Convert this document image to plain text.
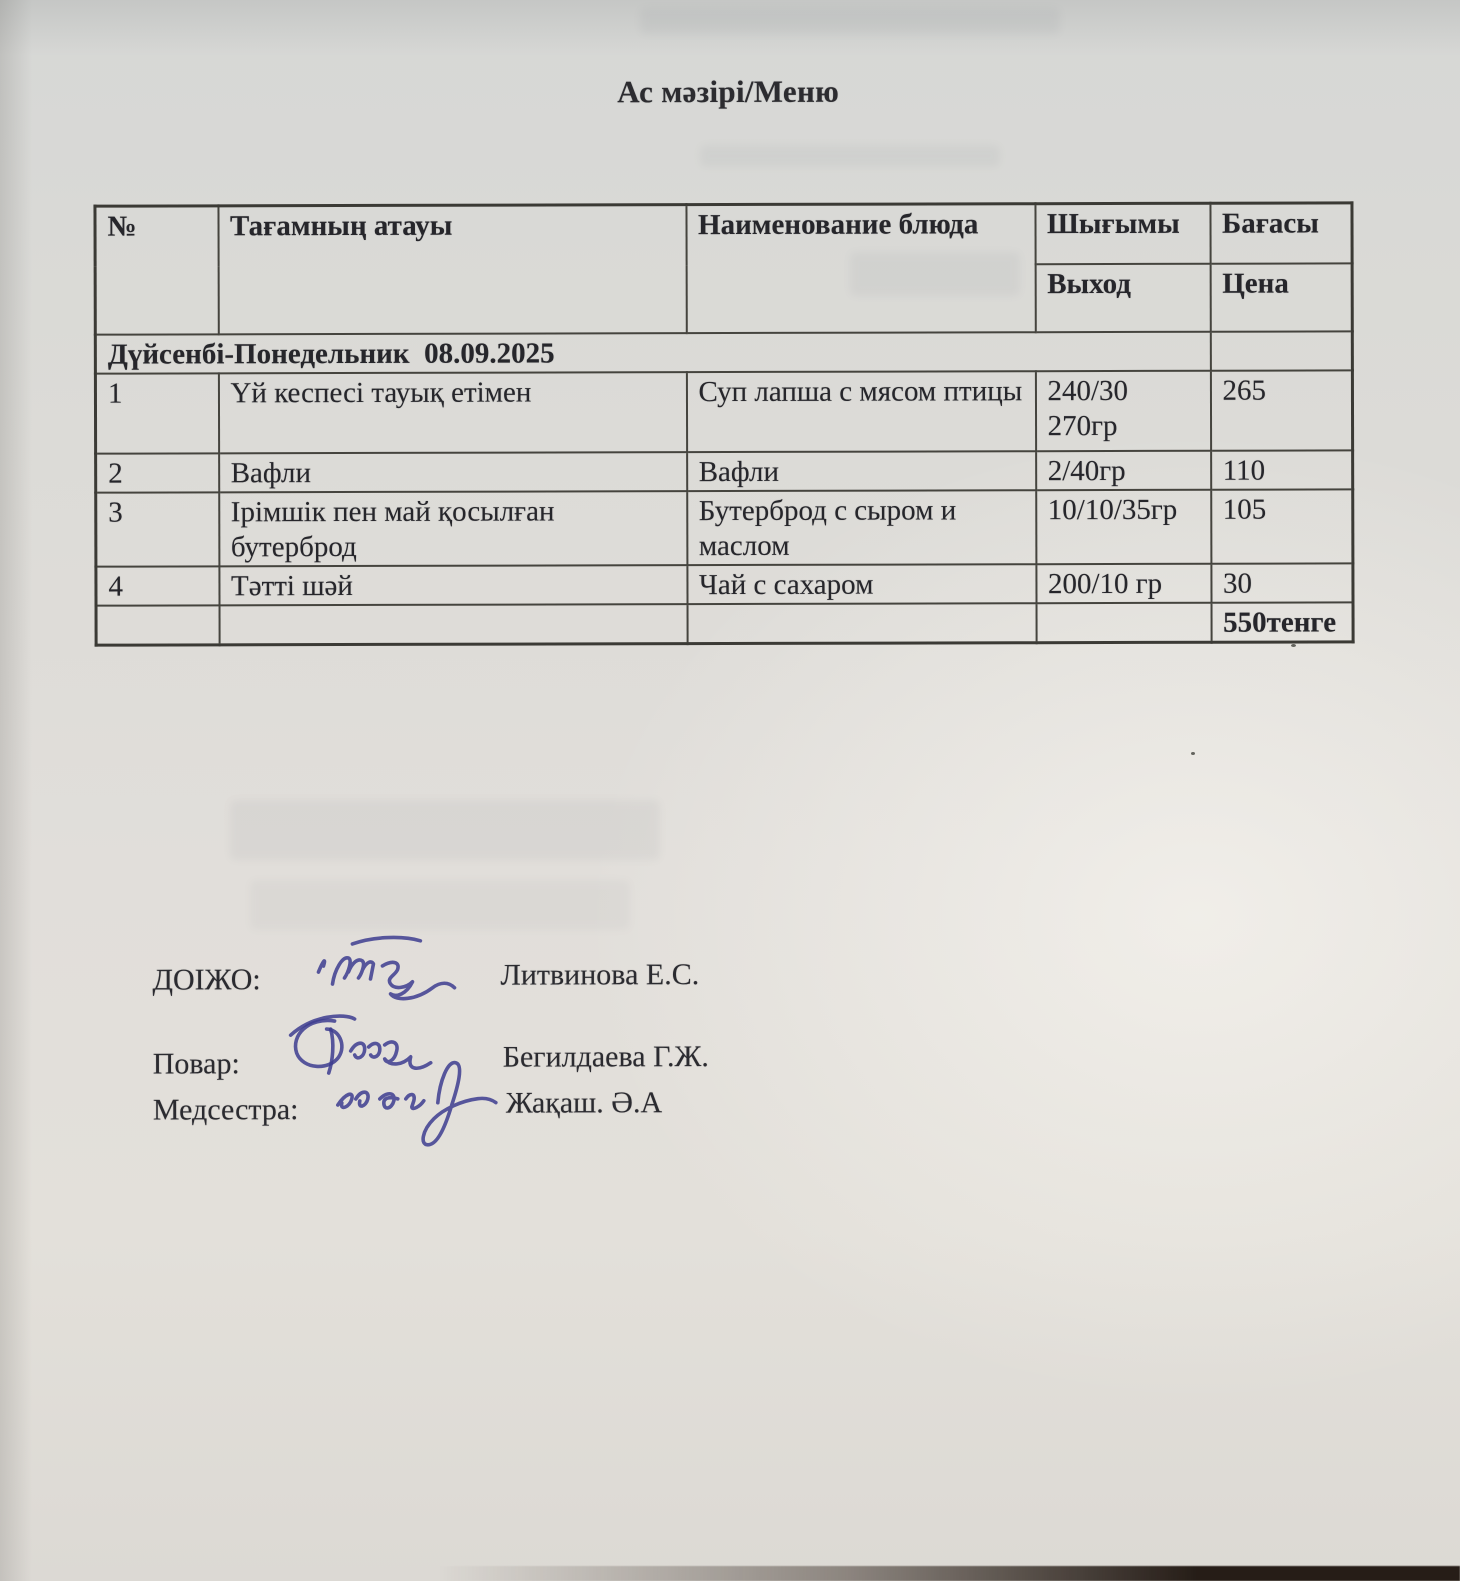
Ас мәзірі/Меню
№	Тағамның атауы	Наименование блюда	Шығымы	Бағасы
			Выход	Цена
Дүйсенбі-Понедельник  08.09.2025				
1	Үй кеспесі тауық етімен	Суп лапша с мясом птицы	240/30 270гр	265
2	Вафли	Вафли	2/40гр	110
3	Ірімшік пен май қосылған бутерброд	Бутерброд с сыром и маслом	10/10/35гр	105
4	Тәтті шәй	Чай с сахаром	200/10 гр	30
				550тенге
ДОІЖО:	Литвинова Е.С.
Повар:	Бегилдаева Г.Ж.
Медсестра:	Жақаш. Ә.А
